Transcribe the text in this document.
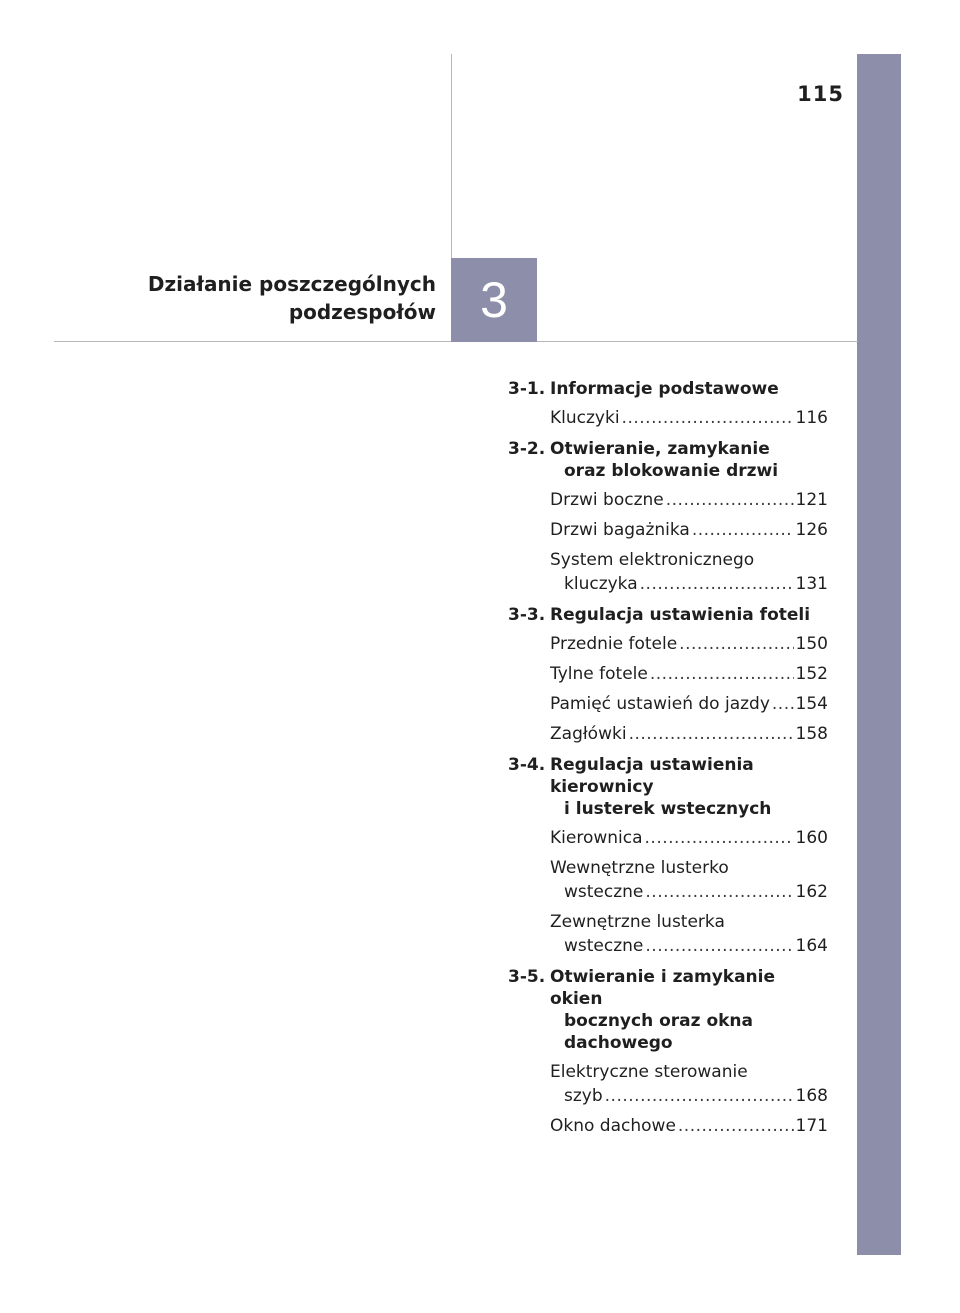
115
Działanie poszczególnych
podzespołów 3
3-1. Informacje podstawowe
Kluczyki .....	116
3-2. Otwieranie, zamykanie
oraz blokowanie drzwi
Drzwi boczne .....	121
Drzwi bagażnika .....	126
System elektronicznego
kluczyka .....	131
3-3. Regulacja ustawienia foteli
Przednie fotele .....	150
Tylne fotele .....	152
Pamięć ustawień do jazdy ..... 154
Zagłówki .....	158
3-4. Regulacja ustawienia kierownicy
i lusterek wstecznych
Kierownica .....	160
Wewnętrzne lusterko
wsteczne .....	162
Zewnętrzne lusterka
wsteczne .....	164
3-5. Otwieranie i zamykanie okien
bocznych oraz okna
dachowego
Elektryczne sterowanie
szyb .....	168
Okno dachowe .....	171
